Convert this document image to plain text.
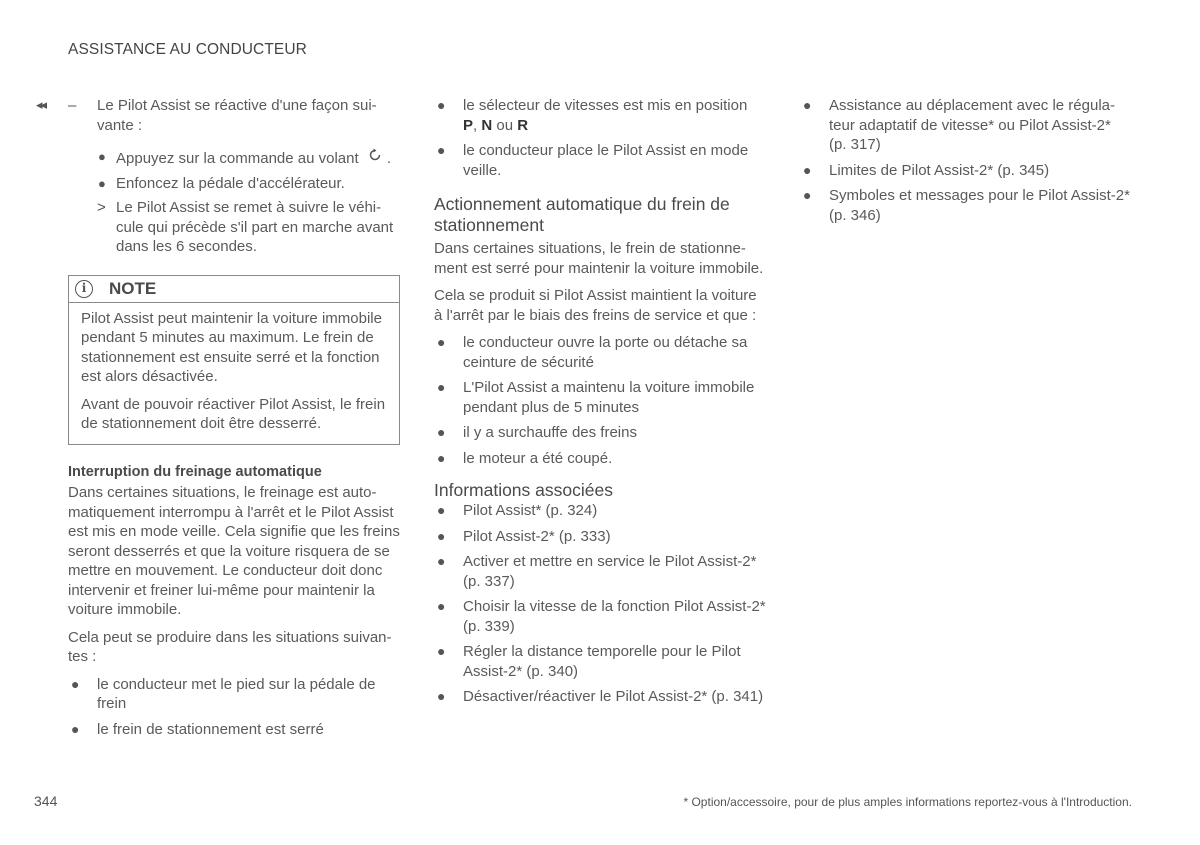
ASSISTANCE AU CONDUCTEUR
◂◂ – Le Pilot Assist se réactive d'une façon sui-vante :
● Appuyez sur la commande au volant .
● Enfoncez la pédale d'accélérateur.
> Le Pilot Assist se remet à suivre le véhi-cule qui précède s'il part en marche avant dans les 6 secondes.
i	NOTE

Pilot Assist peut maintenir la voiture immobile pendant 5 minutes au maximum. Le frein de stationnement est ensuite serré et la fonction est alors désactivée.

Avant de pouvoir réactiver Pilot Assist, le frein de stationnement doit être desserré.

Interruption du freinage automatique

Dans certaines situations, le freinage est auto-matiquement interrompu à l'arrêt et le Pilot Assist est mis en mode veille. Cela signifie que les freins seront desserrés et que la voiture risquera de se mettre en mouvement. Le conducteur doit donc intervenir et freiner lui-même pour maintenir la voiture immobile.

Cela peut se produire dans les situations suivan-tes :

● le conducteur met le pied sur la pédale de frein
● le frein de stationnement est serré
● le sélecteur de vitesses est mis en position
P, N ou R
● le conducteur place le Pilot Assist en mode veille.
Actionnement automatique du frein de stationnement

Dans certaines situations, le frein de stationne-ment est serré pour maintenir la voiture immobile.

Cela se produit si Pilot Assist maintient la voiture à l'arrêt par le biais des freins de service et que :

● le conducteur ouvre la porte ou détache sa ceinture de sécurité
● L'Pilot Assist a maintenu la voiture immobile pendant plus de 5 minutes
● il y a surchauffe des freins
● le moteur a été coupé.
Informations associées
● Pilot Assist* (p. 324)
● Pilot Assist-2* (p. 333)
● Activer et mettre en service le Pilot Assist-2* (p. 337)
● Choisir la vitesse de la fonction Pilot Assist-2* (p. 339)
● Régler la distance temporelle pour le Pilot Assist-2* (p. 340)
● Désactiver/réactiver le Pilot Assist-2* (p. 341)
● Assistance au déplacement avec le régula-teur adaptatif de vitesse* ou Pilot Assist-2* (p. 317)
● Limites de Pilot Assist-2* (p. 345)
● Symboles et messages pour le Pilot Assist-2* (p. 346)
344	* Option/accessoire, pour de plus amples informations reportez-vous à l'Introduction.
